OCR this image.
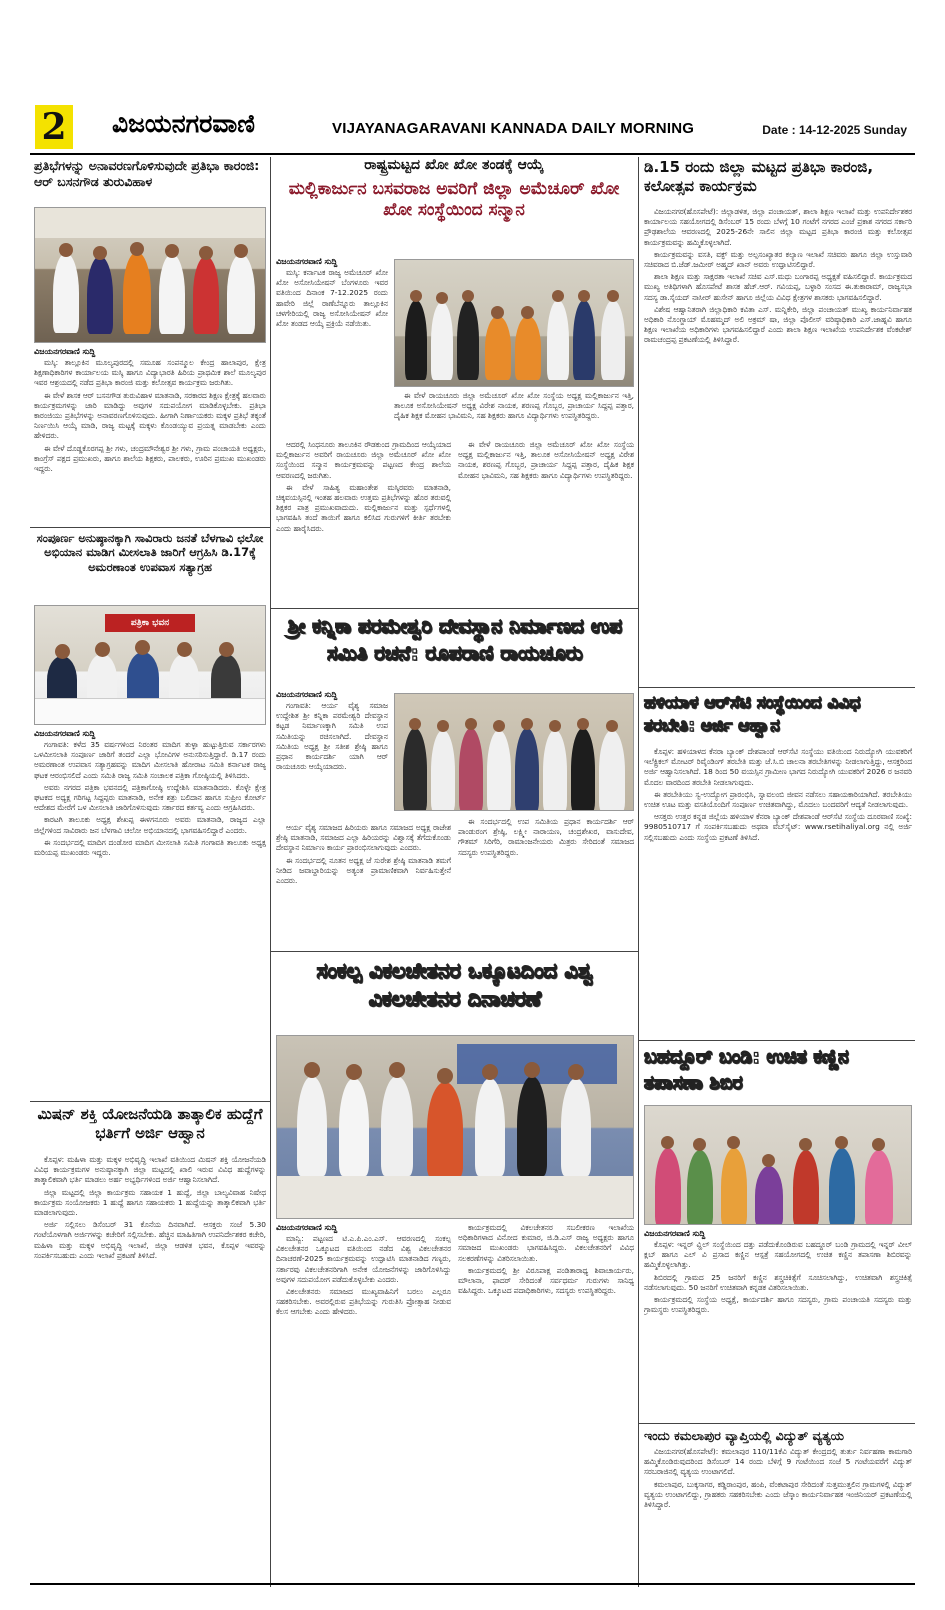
2 ವಿಜಯನಗರವಾಣಿ	VIJAYANAGARAVANI KANNADA DAILY MORNING	Date : 14-12-2025 Sunday
ಪ್ರತಿಭೆಗಳನ್ನು ಅನಾವರಣಗೊಳಿಸುವುದೇ ಪ್ರತಿಭಾ ಕಾರಂಜಿ: ಆರ್ ಬಸನಗೌಡ ತುರುವಿಹಾಳ
ವಿಜಯನಗರವಾಣಿ ಸುದ್ದಿ

ಮಸ್ಕಿ: ತಾಲ್ಲೂಕಿನ ಮೂಲ್ಯಪುರದಲ್ಲಿ ಸಮೂಹ ಸಂಪನ್ಮೂಲ ಕೇಂದ್ರ ಹಾಲಾಪುರ, ಕ್ಷೇತ್ರ ಶಿಕ್ಷಣಾಧಿಕಾರಿಗಳ ಕಾರ್ಯಾಲಯ ಮಸ್ಕಿ ಹಾಗೂ ವಿದ್ಯಾಭಾರತಿ ಹಿರಿಯ ಪ್ರಾಥಮಿಕ ಶಾಲೆ ಮೂಲ್ಯಪುರ ಇವರ ಆಶ್ರಯದಲ್ಲಿ ನಡೆದ ಪ್ರತಿಭಾ ಕಾರಂಜಿ ಮತ್ತು ಕಲೋತ್ಸವ ಕಾರ್ಯಕ್ರಮ ಜರುಗಿತು.

ಈ ವೇಳೆ ಶಾಸಕ ಆರ್ ಬಸನಗೌಡ ತುರುವಿಹಾಳ ಮಾತನಾಡಿ, ಸರಕಾರದ ಶಿಕ್ಷಣ ಕ್ಷೇತ್ರಕ್ಕೆ ಹಲವಾರು ಕಾರ್ಯಕ್ರಮಗಳನ್ನು ಜಾರಿ ಮಾಡಿದ್ದು ಅವುಗಳ ಸದುಪಯೋಗ ಮಾಡಿಕೊಳ್ಳಬೇಕು. ಪ್ರತಿಭಾ ಕಾರಂಜಿಯು ಪ್ರತಿಭೆಗಳನ್ನು ಅನಾವರಣಗೊಳಿಸುವುದು. ಹೀಗಾಗಿ ನಿರ್ಣಾಯಕರು ಮಕ್ಕಳ ಪ್ರತಿಭೆ ತಕ್ಕಂತೆ ನಿರ್ಣಯಿಸಿ ಆಯ್ಕೆ ಮಾಡಿ, ರಾಜ್ಯ ಮಟ್ಟಕ್ಕೆ ಮಕ್ಕಳು ಕೊಂಡಯ್ಯುವ ಪ್ರಯತ್ನ ಮಾಡಬೇಕು ಎಂದು ಹೇಳಿದರು.

ಈ ವೇಳೆ ದೊಡ್ಡಕೊರಗಪ್ಪ ಶ್ರೀ ಗಳು, ಚಂದ್ರಮೌನೇಶ್ವರ ಶ್ರೀ ಗಳು, ಗ್ರಾಮ ಪಂಚಾಯತಿ ಅಧ್ಯಕ್ಷರು, ಕಾಂಗ್ರೆಸ್ ಪಕ್ಷದ ಪ್ರಮುಖರು, ಹಾಗೂ ಶಾಲೆಯ ಶಿಕ್ಷಕರು, ಪಾಲಕರು, ಊರಿನ ಪ್ರಮುಖ ಮುಖಂಡರು ಇದ್ದರು.

ಸಂಪೂರ್ಣ ಅನುಷ್ಠಾನಕ್ಕಾಗಿ ಸಾವಿರಾರು ಜನತೆ ಬೆಳಗಾವಿ ಛಲೋ ಅಭಿಯಾನ ಮಾಡಿಗ ಮೀಸಲಾತಿ ಜಾರಿಗೆ ಆಗ್ರಹಿಸಿ ಡಿ.17ಕ್ಕೆ ಅಮರಣಾಂತ ಉಪವಾಸ ಸತ್ಯಾಗ್ರಹ
ಪತ್ರಿಕಾ ಭವನ
ವಿಜಯನಗರವಾಣಿ ಸುದ್ದಿ

ಗಂಗಾವತಿ: ಕಳೆದ 35 ವರ್ಷಗಳಿಂದ ನಿರಂತರ ಮಾದಿಗ ತುಳ್ಳಾ ಹುಟ್ಟುತ್ತಿರುವ ಸರ್ಕಾರಗಳು ಒಳಮೀಸಲಾತಿ ಸಂಪೂರ್ಣ ಜಾರಿಗೆ ತಂದರೆ ಎಲ್ಲಾ ಭೋವಿಗಳ ಅನುಸರಿಸುತ್ತಿದ್ದಾರೆ. ಡಿ.17 ರಂದು ಅಮರಣಾಂತ ಉಪವಾಸ ಸತ್ಯಾಗ್ರಹವನ್ನು ಮಾದಿಗ ಮೀಸಲಾತಿ ಹೋರಾಟ ಸಮಿತಿ ಕರ್ನಾಟಕ ರಾಜ್ಯ ಘಟಕ ಆರಂಭಿಸಲಿದೆ ಎಂದು ಸಮಿತಿ ರಾಜ್ಯ ಸಮಿತಿ ಸಂಚಾಲಕ ಪತ್ರಿಕಾ ಗೋಷ್ಠಿಯಲ್ಲಿ ತಿಳಿಸಿದರು.

ಅವರು ನಗರದ ಪತ್ರಿಕಾ ಭವನದಲ್ಲಿ ಪತ್ರಿಕಾಗೋಷ್ಠಿ ಉದ್ದೇಶಿಸಿ ಮಾತನಾಡಿದರು. ಕೊಳ್ಳೇ ಕ್ಷೇತ್ರ ಘಟಕದ ಅಧ್ಯಕ್ಷ ಗರಿಗಟ್ಟ ಸಿದ್ದಪ್ಪರು ಮಾತನಾಡಿ, ಅನೇಕ ಶತ್ರು ಬಲಿದಾನ ಹಾಗೂ ಸುಪ್ರೀಂ ಕೋರ್ಟ್ ಆದೇಶದ ಮೇರೆಗೆ ಒಳ ಮೀಸಲಾತಿ ಜಾರಿಗೊಳಿಸುವುದು ಸರ್ಕಾರದ ಕರ್ತವ್ಯ ಎಂದು ಆಗ್ರಹಿಸಿದರು.

ಕಾರಟಗಿ ತಾಲೂಕು ಅಧ್ಯಕ್ಷ ಶೇಖಪ್ಪ ಈಳಗನೂರು ಅವರು ಮಾತನಾಡಿ, ರಾಜ್ಯದ ಎಲ್ಲಾ ಜಿಲ್ಲೆಗಳಿಂದ ಸಾವಿರಾರು ಜನ ಬೆಳಗಾವಿ ಚಲೋ ಅಭಿಯಾನದಲ್ಲಿ ಭಾಗವಹಿಸಲಿದ್ದಾರೆ ಎಂದರು.

ಈ ಸಂದರ್ಭದಲ್ಲಿ ಮಾದಿಗ ದಂಡೋರ ಮಾದಿಗ ಮೀಸಲಾತಿ ಸಮಿತಿ ಗಂಗಾವತಿ ತಾಲೂಕು ಅಧ್ಯಕ್ಷ ಮರಿಯಪ್ಪ ಮುಖಂಡರು ಇದ್ದರು.

ಮಿಷನ್ ಶಕ್ತಿ ಯೋಜನೆಯಡಿ ತಾತ್ಕಾಲಿಕ ಹುದ್ದೆಗೆ ಭರ್ತಿಗೆ ಅರ್ಜಿ ಆಹ್ವಾನ

ಕೊಪ್ಪಳ: ಮಹಿಳಾ ಮತ್ತು ಮಕ್ಕಳ ಅಭಿವೃದ್ಧಿ ಇಲಾಖೆ ವತಿಯಿಂದ ಮಿಷನ್ ಶಕ್ತಿ ಯೋಜನೆಯಡಿ ವಿವಿಧ ಕಾರ್ಯಕ್ರಮಗಳ ಅನುಷ್ಠಾನಕ್ಕಾಗಿ ಜಿಲ್ಲಾ ಮಟ್ಟದಲ್ಲಿ ಖಾಲಿ ಇರುವ ವಿವಿಧ ಹುದ್ದೆಗಳನ್ನು ತಾತ್ಕಾಲಿಕವಾಗಿ ಭರ್ತಿ ಮಾಡಲು ಅರ್ಹ ಅಭ್ಯರ್ಥಿಗಳಿಂದ ಅರ್ಜಿ ಆಹ್ವಾನಿಸಲಾಗಿದೆ.

ಜಿಲ್ಲಾ ಮಟ್ಟದಲ್ಲಿ ಜಿಲ್ಲಾ ಕಾರ್ಯಕ್ರಮ ಸಹಾಯಕ 1 ಹುದ್ದೆ, ಜಿಲ್ಲಾ ಬಾಲ್ಯವಿವಾಹ ನಿಷೇಧ ಕಾರ್ಯಕ್ರಮ ಸಂಯೋಜಕರು 1 ಹುದ್ದೆ ಹಾಗೂ ಸಹಾಯಕರು 1 ಹುದ್ದೆಯನ್ನು ತಾತ್ಕಾಲಿಕವಾಗಿ ಭರ್ತಿ ಮಾಡಲಾಗುವುದು.

ಅರ್ಜಿ ಸಲ್ಲಿಸಲು ಡಿಸೆಂಬರ್ 31 ಕೊನೆಯ ದಿನವಾಗಿದೆ. ಆಸಕ್ತರು ಸಂಜೆ 5.30 ಗಂಟೆಯೊಳಗಾಗಿ ಅರ್ಜಿಗಳನ್ನು ಕಚೇರಿಗೆ ಸಲ್ಲಿಸಬೇಕು. ಹೆಚ್ಚಿನ ಮಾಹಿತಿಗಾಗಿ ಉಪನಿರ್ದೇಶಕರ ಕಚೇರಿ, ಮಹಿಳಾ ಮತ್ತು ಮಕ್ಕಳ ಅಭಿವೃದ್ಧಿ ಇಲಾಖೆ, ಜಿಲ್ಲಾ ಆಡಳಿತ ಭವನ, ಕೊಪ್ಪಳ ಇವರನ್ನು ಸಂಪರ್ಕಿಸಬಹುದು ಎಂದು ಇಲಾಖೆ ಪ್ರಕಟಣೆ ತಿಳಿಸಿದೆ.

ರಾಷ್ಟ್ರಮಟ್ಟದ ಖೋ ಖೋ ತಂಡಕ್ಕೆ ಆಯ್ಕೆ
ಮಲ್ಲಿಕಾರ್ಜುನ ಬಸವರಾಜ ಅವರಿಗೆ ಜಿಲ್ಲಾ ಅಮೆಚೂರ್ ಖೋ ಖೋ ಸಂಸ್ಥೆಯಿಂದ ಸನ್ಮಾನ
ವಿಜಯನಗರವಾಣಿ ಸುದ್ದಿ

ಮಸ್ಕಿ: ಕರ್ನಾಟಕ ರಾಜ್ಯ ಅಮೆಚೂರ್ ಖೋ ಖೋ ಅಸೋಸಿಯೇಷನ್ ಬೆಂಗಳೂರು ಇವರ ವತಿಯಿಂದ ದಿನಾಂಕ 7-12.2025 ರಂದು ಹಾವೇರಿ ಜಿಲ್ಲೆ ರಾಣೆಬೆನ್ನೂರು ತಾಲ್ಲೂಕಿನ ಚಳಗೇರಿಯಲ್ಲಿ ರಾಜ್ಯ ಅಸೋಸಿಯೇಷನ್ ಖೋ ಖೋ ತಂಡದ ಆಯ್ಕೆ ಪ್ರಕ್ರಿಯೆ ನಡೆಯಿತು.

ಈ ವೇಳೆ ರಾಯಚೂರು ಜಿಲ್ಲಾ ಅಮೆಚೂರ್ ಖೋ ಖೋ ಸಂಸ್ಥೆಯ ಅಧ್ಯಕ್ಷ ಮಲ್ಲಿಕಾರ್ಜುನ ಇತ್ತಿ, ತಾಲೂಕ ಅಸೋಸಿಯೇಷನ್ ಅಧ್ಯಕ್ಷ ವಿರೇಶ ನಾಯಕ, ಶರಣಪ್ಪ ಗೊಬ್ಬರ, ಪ್ರಾಚಾರ್ಯ ಸಿದ್ದಪ್ಪ ಪತ್ತಾರ, ದೈಹಿಕ ಶಿಕ್ಷಕ ಮೋಹನ ಭಾವಿಮನಿ, ಸಹ ಶಿಕ್ಷಕರು ಹಾಗೂ ವಿದ್ಯಾರ್ಥಿಗಳು ಉಪಸ್ಥಿತರಿದ್ದರು.

ಆದರಲ್ಲಿ ಸಿಂಧನೂರು ತಾಲೂಕಿನ ರೌಡಕುಂದ ಗ್ರಾಮದಿಂದ ಆಯ್ಕೆಯಾದ ಮಲ್ಲಿಕಾರ್ಜುನ ಅವರಿಗೆ ರಾಯಚೂರು ಜಿಲ್ಲಾ ಅಮೆಚೂರ್ ಖೋ ಖೋ ಸಂಸ್ಥೆಯಿಂದ ಸನ್ಮಾನ ಕಾರ್ಯಕ್ರಮವನ್ನು ಪಟ್ಟಣದ ಕೇಂದ್ರ ಶಾಲೆಯ ಆವರಣದಲ್ಲಿ ಜರುಗಿತು.

ಈ ವೇಳೆ ಸಾಹಿತ್ಯ ಮಹಾಂತೇಶ ಮಸ್ಕಿರವರು ಮಾತನಾಡಿ, ಚಿಕ್ಕವಯಸ್ಸಿನಲ್ಲಿ ಇಂತಹ ಹಲವಾರು ಉತ್ತಮ ಪ್ರತಿಭೆಗಳನ್ನು ಹೊರ ತರುವಲ್ಲಿ ಶಿಕ್ಷಕರ ಪಾತ್ರ ಪ್ರಮುಖವಾದುದು. ಮಲ್ಲಿಕಾರ್ಜುನ ಮತ್ತು ಸ್ಪರ್ಧೆಗಳಲ್ಲಿ ಭಾಗವಹಿಸಿ ತಂದೆ ತಾಯಿಗೆ ಹಾಗೂ ಕಲಿಸಿದ ಗುರುಗಳಿಗೆ ಕೀರ್ತಿ ತರಬೇಕು ಎಂದು ಹಾರೈಸಿದರು.

ಈ ವೇಳೆ ರಾಯಚೂರು ಜಿಲ್ಲಾ ಅಮೆಚೂರ್ ಖೋ ಖೋ ಸಂಸ್ಥೆಯ ಅಧ್ಯಕ್ಷ ಮಲ್ಲಿಕಾರ್ಜುನ ಇತ್ತಿ, ತಾಲೂಕ ಅಸೋಸಿಯೇಷನ್ ಅಧ್ಯಕ್ಷ ವಿರೇಶ ನಾಯಕ, ಶರಣಪ್ಪ ಗೊಬ್ಬರ, ಪ್ರಾಚಾರ್ಯ ಸಿದ್ದಪ್ಪ ಪತ್ತಾರ, ದೈಹಿಕ ಶಿಕ್ಷಕ ಮೋಹನ ಭಾವಿಮನಿ, ಸಹ ಶಿಕ್ಷಕರು ಹಾಗೂ ವಿದ್ಯಾರ್ಥಿಗಳು ಉಪಸ್ಥಿತರಿದ್ದರು.

ಶ್ರೀ ಕನ್ನಿಕಾ ಪರಮೇಶ್ವರಿ ದೇವಸ್ಥಾನ ನಿರ್ಮಾಣದ ಉಪ ಸಮಿತಿ ರಚನೆ: ರೂಪರಾಣಿ ರಾಯಚೂರು
ವಿಜಯನಗರವಾಣಿ ಸುದ್ದಿ

ಗಂಗಾವತಿ: ಆರ್ಯ ವೈಶ್ಯ ಸಮಾಜ ಉದ್ದೇಶಿತ ಶ್ರೀ ಕನ್ನಿಕಾ ಪರಮೇಶ್ವರಿ ದೇವಸ್ಥಾನ ಕಟ್ಟಡ ನಿರ್ಮಾಣಕ್ಕಾಗಿ ಸಮಿತಿ ಉಪ ಸಮಿತಿಯನ್ನು ರಚಿಸಲಾಗಿದೆ. ದೇವಸ್ಥಾನ ಸಮಿತಿಯ ಅಧ್ಯಕ್ಷ ಶ್ರೀ ಸತೀಶ ಶ್ರೇಷ್ಠಿ ಹಾಗೂ ಪ್ರಧಾನ ಕಾರ್ಯದರ್ಶಿ ಯಾಗಿ ಆರ್ ರಾಯಚೂರು ಆಯ್ಕೆಯಾದರು.

ಆರ್ಯ ವೈಶ್ಯ ಸಮಾಜದ ಹಿರಿಯರು ಹಾಗೂ ಸಮಾಜದ ಅಧ್ಯಕ್ಷ ರಾಜೇಶ ಶ್ರೇಷ್ಠಿ ಮಾತನಾಡಿ, ಸಮಾಜದ ಎಲ್ಲಾ ಹಿರಿಯರನ್ನು ವಿಶ್ವಾಸಕ್ಕೆ ತೆಗೆದುಕೊಂಡು ದೇವಸ್ಥಾನ ನಿರ್ಮಾಣ ಕಾರ್ಯ ಪ್ರಾರಂಭಿಸಲಾಗುವುದು ಎಂದರು.

ಈ ಸಂದರ್ಭದಲ್ಲಿ ನೂತನ ಅಧ್ಯಕ್ಷ ಜೆ ಸುರೇಶ ಶ್ರೇಷ್ಠಿ ಮಾತನಾಡಿ ತಮಗೆ ನೀಡಿದ ಜವಾಬ್ದಾರಿಯನ್ನು ಅತ್ಯಂತ ಪ್ರಾಮಾಣಿಕವಾಗಿ ನಿರ್ವಹಿಸುತ್ತೇನೆ ಎಂದರು.

ಈ ಸಂದರ್ಭದಲ್ಲಿ ಉಪ ಸಮಿತಿಯ ಪ್ರಧಾನ ಕಾರ್ಯದರ್ಶಿ ಆರ್ ಪಾಂಡುರಂಗ ಶ್ರೇಷ್ಠಿ, ಲಕ್ಷ್ಮೀ ನಾರಾಯಣ, ಚಂದ್ರಶೇಖರ, ವಾಸುದೇವ, ಗೌತಮ್ ಸಿರಿಗೆರಿ, ರಾಮಾಂಜನೇಯರು ಮಿತ್ರರು ಸೇರಿದಂತೆ ಸಮಾಜದ ಸದಸ್ಯರು ಉಪಸ್ಥಿತರಿದ್ದರು.

ಸಂಕಲ್ಪ ವಿಕಲಚೇತನರ ಒಕ್ಕೂಟದಿಂದ ವಿಶ್ವ ವಿಕಲಚೇತನರ ದಿನಾಚರಣೆ
ವಿಜಯನಗರವಾಣಿ ಸುದ್ದಿ

ಮಾನ್ವಿ: ಪಟ್ಟಣದ ಟಿ.ಎ.ಪಿ.ಎಂ.ಎಸ್. ಆವರಣದಲ್ಲಿ ಸಂಕಲ್ಪ ವಿಕಲಚೇತನರ ಒಕ್ಕೂಟದ ವತಿಯಿಂದ ನಡೆದ ವಿಶ್ವ ವಿಕಲಚೇತನರ ದಿನಾಚರಣೆ-2025 ಕಾರ್ಯಕ್ರಮವನ್ನು ಉದ್ಘಾಟಿಸಿ ಮಾತನಾಡಿದ ಗಣ್ಯರು, ಸರ್ಕಾರವು ವಿಕಲಚೇತನರಿಗಾಗಿ ಅನೇಕ ಯೋಜನೆಗಳನ್ನು ಜಾರಿಗೊಳಿಸಿದ್ದು ಅವುಗಳ ಸದುಪಯೋಗ ಪಡೆದುಕೊಳ್ಳಬೇಕು ಎಂದರು.

ವಿಕಲಚೇತನರು ಸಮಾಜದ ಮುಖ್ಯವಾಹಿನಿಗೆ ಬರಲು ಎಲ್ಲರೂ ಸಹಕರಿಸಬೇಕು. ಅವರಲ್ಲಿರುವ ಪ್ರತಿಭೆಯನ್ನು ಗುರುತಿಸಿ ಪ್ರೋತ್ಸಾಹ ನೀಡುವ ಕೆಲಸ ಆಗಬೇಕು ಎಂದು ಹೇಳಿದರು.

ಕಾರ್ಯಕ್ರಮದಲ್ಲಿ ವಿಕಲಚೇತನರ ಸಬಲೀಕರಣ ಇಲಾಖೆಯ ಅಧಿಕಾರಿಗಳಾದ ವಿನೋದ ಕುಮಾರ, ಜಿ.ಡಿ.ಎಸ್ ರಾಜ್ಯ ಅಧ್ಯಕ್ಷರು ಹಾಗೂ ಸಮಾಜದ ಮುಖಂಡರು ಭಾಗವಹಿಸಿದ್ದರು. ವಿಕಲಚೇತನರಿಗೆ ವಿವಿಧ ಸಲಕರಣೆಗಳನ್ನು ವಿತರಿಸಲಾಯಿತು.

ಕಾರ್ಯಕ್ರಮದಲ್ಲಿ ಶ್ರೀ ವಿರೂಪಾಕ್ಷ ಪಂಡಿತಾರಾಧ್ಯ ಶಿವಾಚಾರ್ಯರು, ಮೌಲಾನಾ, ಫಾದರ್ ಸೇರಿದಂತೆ ಸರ್ವಧರ್ಮ ಗುರುಗಳು ಸಾನಿಧ್ಯ ವಹಿಸಿದ್ದರು. ಒಕ್ಕೂಟದ ಪದಾಧಿಕಾರಿಗಳು, ಸದಸ್ಯರು ಉಪಸ್ಥಿತರಿದ್ದರು.

ಡಿ.15 ರಂದು ಜಿಲ್ಲಾ ಮಟ್ಟದ ಪ್ರತಿಭಾ ಕಾರಂಜಿ, ಕಲೋತ್ಸವ ಕಾರ್ಯಕ್ರಮ

ವಿಜಯನಗರ(ಹೊಸಪೇಟೆ): ಜಿಲ್ಲಾಡಳಿತ, ಜಿಲ್ಲಾ ಪಂಚಾಯತ್, ಶಾಲಾ ಶಿಕ್ಷಣ ಇಲಾಖೆ ಮತ್ತು ಉಪನಿರ್ದೇಶಕರ ಕಾರ್ಯಾಲಯ ಸಹಯೋಗದಲ್ಲಿ ಡಿಸೆಂಬರ್ 15 ರಂದು ಬೆಳಗ್ಗೆ 10 ಗಂಟೆಗೆ ನಗರದ ಎಂಜೆ ಪ್ರಕಾಶ ನಗರದ ಸರ್ಕಾರಿ ಪ್ರೌಢಶಾಲೆಯ ಆವರಣದಲ್ಲಿ 2025-26ನೇ ಸಾಲಿನ ಜಿಲ್ಲಾ ಮಟ್ಟದ ಪ್ರತಿಭಾ ಕಾರಂಜಿ ಮತ್ತು ಕಲೋತ್ಸವ ಕಾರ್ಯಕ್ರಮವನ್ನು ಹಮ್ಮಿಕೊಳ್ಳಲಾಗಿದೆ.

ಕಾರ್ಯಕ್ರಮವನ್ನು ವಸತಿ, ವಕ್ಫ್ ಮತ್ತು ಅಲ್ಪಸಂಖ್ಯಾತರ ಕಲ್ಯಾಣ ಇಲಾಖೆ ಸಚಿವರು ಹಾಗೂ ಜಿಲ್ಲಾ ಉಸ್ತುವಾರಿ ಸಚಿವರಾದ ಬಿ.ಜೆಡ್.ಜಮೀರ್ ಅಹ್ಮದ್ ಖಾನ್ ಅವರು ಉದ್ಘಾಟಿಸಲಿದ್ದಾರೆ.

ಶಾಲಾ ಶಿಕ್ಷಣ ಮತ್ತು ಸಾಕ್ಷರತಾ ಇಲಾಖೆ ಸಚಿವ ಎಸ್.ಮಧು ಬಂಗಾರಪ್ಪ ಅಧ್ಯಕ್ಷತೆ ವಹಿಸಲಿದ್ದಾರೆ. ಕಾರ್ಯಕ್ರಮದ ಮುಖ್ಯ ಅತಿಥಿಗಳಾಗಿ ಹೊಸಪೇಟೆ ಶಾಸಕ ಹೆಚ್.ಆರ್. ಗವಿಯಪ್ಪ, ಬಳ್ಳಾರಿ ಸಂಸದ ಈ.ತುಕಾರಾಮ್, ರಾಜ್ಯಸಭಾ ಸದಸ್ಯ ಡಾ.ಸೈಯದ್ ನಾಸೀರ್ ಹುಸೇನ್ ಹಾಗೂ ಜಿಲ್ಲೆಯ ವಿವಿಧ ಕ್ಷೇತ್ರಗಳ ಶಾಸಕರು ಭಾಗವಹಿಸಲಿದ್ದಾರೆ.

ವಿಶೇಷ ಆಹ್ವಾನಿತರಾಗಿ ಜಿಲ್ಲಾಧಿಕಾರಿ ಕವಿತಾ ಎಸ್. ಮನ್ನಿಕೇರಿ, ಜಿಲ್ಲಾ ಪಂಚಾಯತ್ ಮುಖ್ಯ ಕಾರ್ಯನಿರ್ವಾಹಕ ಅಧಿಕಾರಿ ನೊಂಗ್ಜಾಯ್ ಮೊಹಮ್ಮದ್ ಅಲಿ ಅಕ್ರಮ್ ಷಾ, ಜಿಲ್ಲಾ ಪೊಲೀಸ್ ವರಿಷ್ಠಾಧಿಕಾರಿ ಎಸ್.ಜಾಹ್ನವಿ ಹಾಗೂ ಶಿಕ್ಷಣ ಇಲಾಖೆಯ ಅಧಿಕಾರಿಗಳು ಭಾಗವಹಿಸಲಿದ್ದಾರೆ ಎಂದು ಶಾಲಾ ಶಿಕ್ಷಣ ಇಲಾಖೆಯ ಉಪನಿರ್ದೇಶಕ ವೆಂಕಟೇಶ್ ರಾಮಚಂದ್ರಪ್ಪ ಪ್ರಕಟಣೆಯಲ್ಲಿ ತಿಳಿಸಿದ್ದಾರೆ.

ಹಳಿಯಾಳ ಆರ್‌ಸೆಟಿ ಸಂಸ್ಥೆಯಿಂದ ವಿವಿಧ ತರಬೇತಿ: ಅರ್ಜಿ ಆಹ್ವಾನ

ಕೊಪ್ಪಳ: ಹಳಿಯಾಳದ ಕೆನರಾ ಬ್ಯಾಂಕ್ ದೇಶಪಾಂಡೆ ಆರ್‌ಸೆಟಿ ಸಂಸ್ಥೆಯು ವತಿಯಿಂದ ನಿರುದ್ಯೋಗಿ ಯುವಕರಿಗೆ ಇಲೆಕ್ಟ್ರಿಕಲ್ ಮೋಟರ್ ರಿವೈಂಡಿಂಗ್ ತರಬೇತಿ ಮತ್ತು ಜೆ.ಸಿ.ಬಿ ಚಾಲನಾ ತರಬೇತಿಗಳನ್ನು ನೀಡಲಾಗುತ್ತಿದ್ದು, ಆಸಕ್ತರಿಂದ ಅರ್ಜಿ ಆಹ್ವಾನಿಸಲಾಗಿದೆ. 18 ರಿಂದ 50 ವಯಸ್ಸಿನ ಗ್ರಾಮೀಣ ಭಾಗದ ನಿರುದ್ಯೋಗಿ ಯುವಕರಿಗೆ 2026 ರ ಜನವರಿ ಮೊದಲ ವಾರದಿಂದ ತರಬೇತಿ ನೀಡಲಾಗುವುದು.

ಈ ತರಬೇತಿಯು ಸ್ವ-ಉದ್ಯೋಗ ಪ್ರಾರಂಭಿಸಿ, ಸ್ವಾವಲಂಬಿ ಜೀವನ ನಡೆಸಲು ಸಹಾಯಕಾರಿಯಾಗಿದೆ. ತರಬೇತಿಯು ಉಚಿತ ಊಟ ಮತ್ತು ವಸತಿಯೊಂದಿಗೆ ಸಂಪೂರ್ಣ ಉಚಿತವಾಗಿದ್ದು, ಮೊದಲು ಬಂದವರಿಗೆ ಆದ್ಯತೆ ನೀಡಲಾಗುವುದು.

ಆಸಕ್ತರು ಉತ್ತರ ಕನ್ನಡ ಜಿಲ್ಲೆಯ ಹಳಿಯಾಳ ಕೆನರಾ ಬ್ಯಾಂಕ್ ದೇಶಪಾಂಡೆ ಆರ್‌ಸೆಟಿ ಸಂಸ್ಥೆಯ ದೂರವಾಣಿ ಸಂಖ್ಯೆ: 9980510717 ಗೆ ಸಂಪರ್ಕಿಸಬಹುದು ಅಥವಾ ವೆಬ್‌ಸೈಟ್: www.rsetihaliyal.org ನಲ್ಲಿ ಅರ್ಜಿ ಸಲ್ಲಿಸಬಹುದು ಎಂದು ಸಂಸ್ಥೆಯ ಪ್ರಕಟಣೆ ತಿಳಿಸಿದೆ.

ಬಹದ್ದೂರ್ ಬಂಡಿ: ಉಚಿತ ಕಣ್ಣಿನ ತಪಾಸಣಾ ಶಿಬಿರ
ವಿಜಯನಗರವಾಣಿ ಸುದ್ದಿ

ಕೊಪ್ಪಳ: ಇನ್ನರ್ ವ್ಹಿಲ್ ಸಂಸ್ಥೆಯಿಂದ ದತ್ತು ಪಡೆದುಕೊಂಡಿರುವ ಬಹದ್ದೂರ್ ಬಂಡಿ ಗ್ರಾಮದಲ್ಲಿ ಇನ್ನರ್ ವೀಲ್ ಕ್ಲಬ್ ಹಾಗೂ ಎಲ್ ವಿ ಪ್ರಸಾದ ಕಣ್ಣಿನ ಆಸ್ಪತ್ರೆ ಸಹಯೋಗದಲ್ಲಿ ಉಚಿತ ಕಣ್ಣಿನ ತಪಾಸಣಾ ಶಿಬಿರವನ್ನು ಹಮ್ಮಿಕೊಳ್ಳಲಾಗಿತ್ತು.

ಶಿಬಿರದಲ್ಲಿ ಗ್ರಾಮದ 25 ಜನರಿಗೆ ಕಣ್ಣಿನ ಶಸ್ತ್ರಚಿಕಿತ್ಸೆಗೆ ಸೂಚಿಸಲಾಗಿದ್ದು, ಉಚಿತವಾಗಿ ಶಸ್ತ್ರಚಿಕಿತ್ಸೆ ನಡೆಸಲಾಗುವುದು. 50 ಜನರಿಗೆ ಉಚಿತವಾಗಿ ಕನ್ನಡಕ ವಿತರಿಸಲಾಯಿತು.

ಕಾರ್ಯಕ್ರಮದಲ್ಲಿ ಸಂಸ್ಥೆಯ ಅಧ್ಯಕ್ಷೆ, ಕಾರ್ಯದರ್ಶಿ ಹಾಗೂ ಸದಸ್ಯರು, ಗ್ರಾಮ ಪಂಚಾಯತಿ ಸದಸ್ಯರು ಮತ್ತು ಗ್ರಾಮಸ್ಥರು ಉಪಸ್ಥಿತರಿದ್ದರು.

ಇಂದು ಕಮಲಾಪುರ ವ್ಯಾಪ್ತಿಯಲ್ಲಿ ವಿದ್ಯುತ್ ವ್ಯತ್ಯಯ

ವಿಜಯನಗರ(ಹೊಸಪೇಟೆ): ಕಮಲಾಪುರ 110/11ಕೆವಿ ವಿದ್ಯುತ್ ಕೇಂದ್ರದಲ್ಲಿ ತುರ್ತು ನಿರ್ವಹಣಾ ಕಾಮಗಾರಿ ಹಮ್ಮಿಕೊಂಡಿರುವುದರಿಂದ ಡಿಸೆಂಬರ್ 14 ರಂದು ಬೆಳಿಗ್ಗೆ 9 ಗಂಟೆಯಿಂದ ಸಂಜೆ 5 ಗಂಟೆಯವರೆಗೆ ವಿದ್ಯುತ್ ಸರಬರಾಜಿನಲ್ಲಿ ವ್ಯತ್ಯಯ ಉಂಟಾಗಲಿದೆ.

ಕಮಲಾಪುರ, ಬುಕ್ಕಸಾಗರ, ಕಡ್ಡಿರಾಂಪುರ, ಹಂಪಿ, ವೆಂಕಟಾಪುರ ಸೇರಿದಂತೆ ಸುತ್ತಮುತ್ತಲಿನ ಗ್ರಾಮಗಳಲ್ಲಿ ವಿದ್ಯುತ್ ವ್ಯತ್ಯಯ ಉಂಟಾಗಲಿದ್ದು, ಗ್ರಾಹಕರು ಸಹಕರಿಸಬೇಕು ಎಂದು ಜೆಸ್ಕಾಂ ಕಾರ್ಯನಿರ್ವಾಹಕ ಇಂಜಿನಿಯರ್ ಪ್ರಕಟಣೆಯಲ್ಲಿ ತಿಳಿಸಿದ್ದಾರೆ.
